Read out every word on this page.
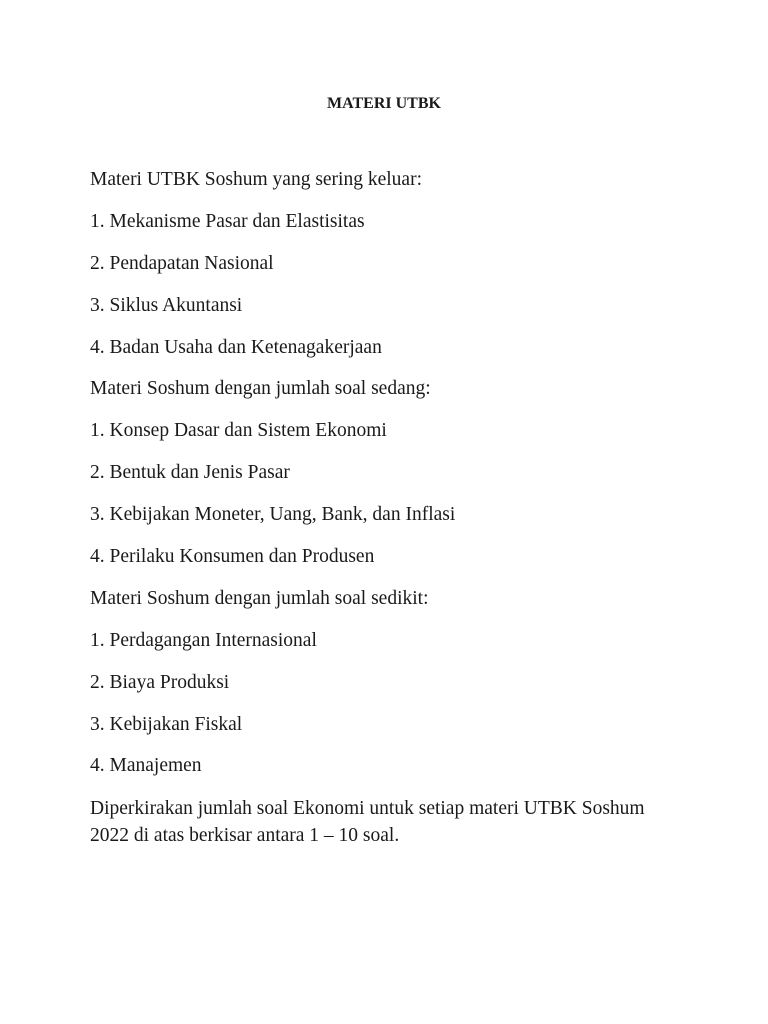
MATERI UTBK
Materi UTBK Soshum yang sering keluar:
1. Mekanisme Pasar dan Elastisitas
2. Pendapatan Nasional
3. Siklus Akuntansi
4. Badan Usaha dan Ketenagakerjaan
Materi Soshum dengan jumlah soal sedang:
1. Konsep Dasar dan Sistem Ekonomi
2. Bentuk dan Jenis Pasar
3. Kebijakan Moneter, Uang, Bank, dan Inflasi
4. Perilaku Konsumen dan Produsen
Materi Soshum dengan jumlah soal sedikit:
1. Perdagangan Internasional
2. Biaya Produksi
3. Kebijakan Fiskal
4. Manajemen
Diperkirakan jumlah soal Ekonomi untuk setiap materi UTBK Soshum
2022 di atas berkisar antara 1 – 10 soal.
